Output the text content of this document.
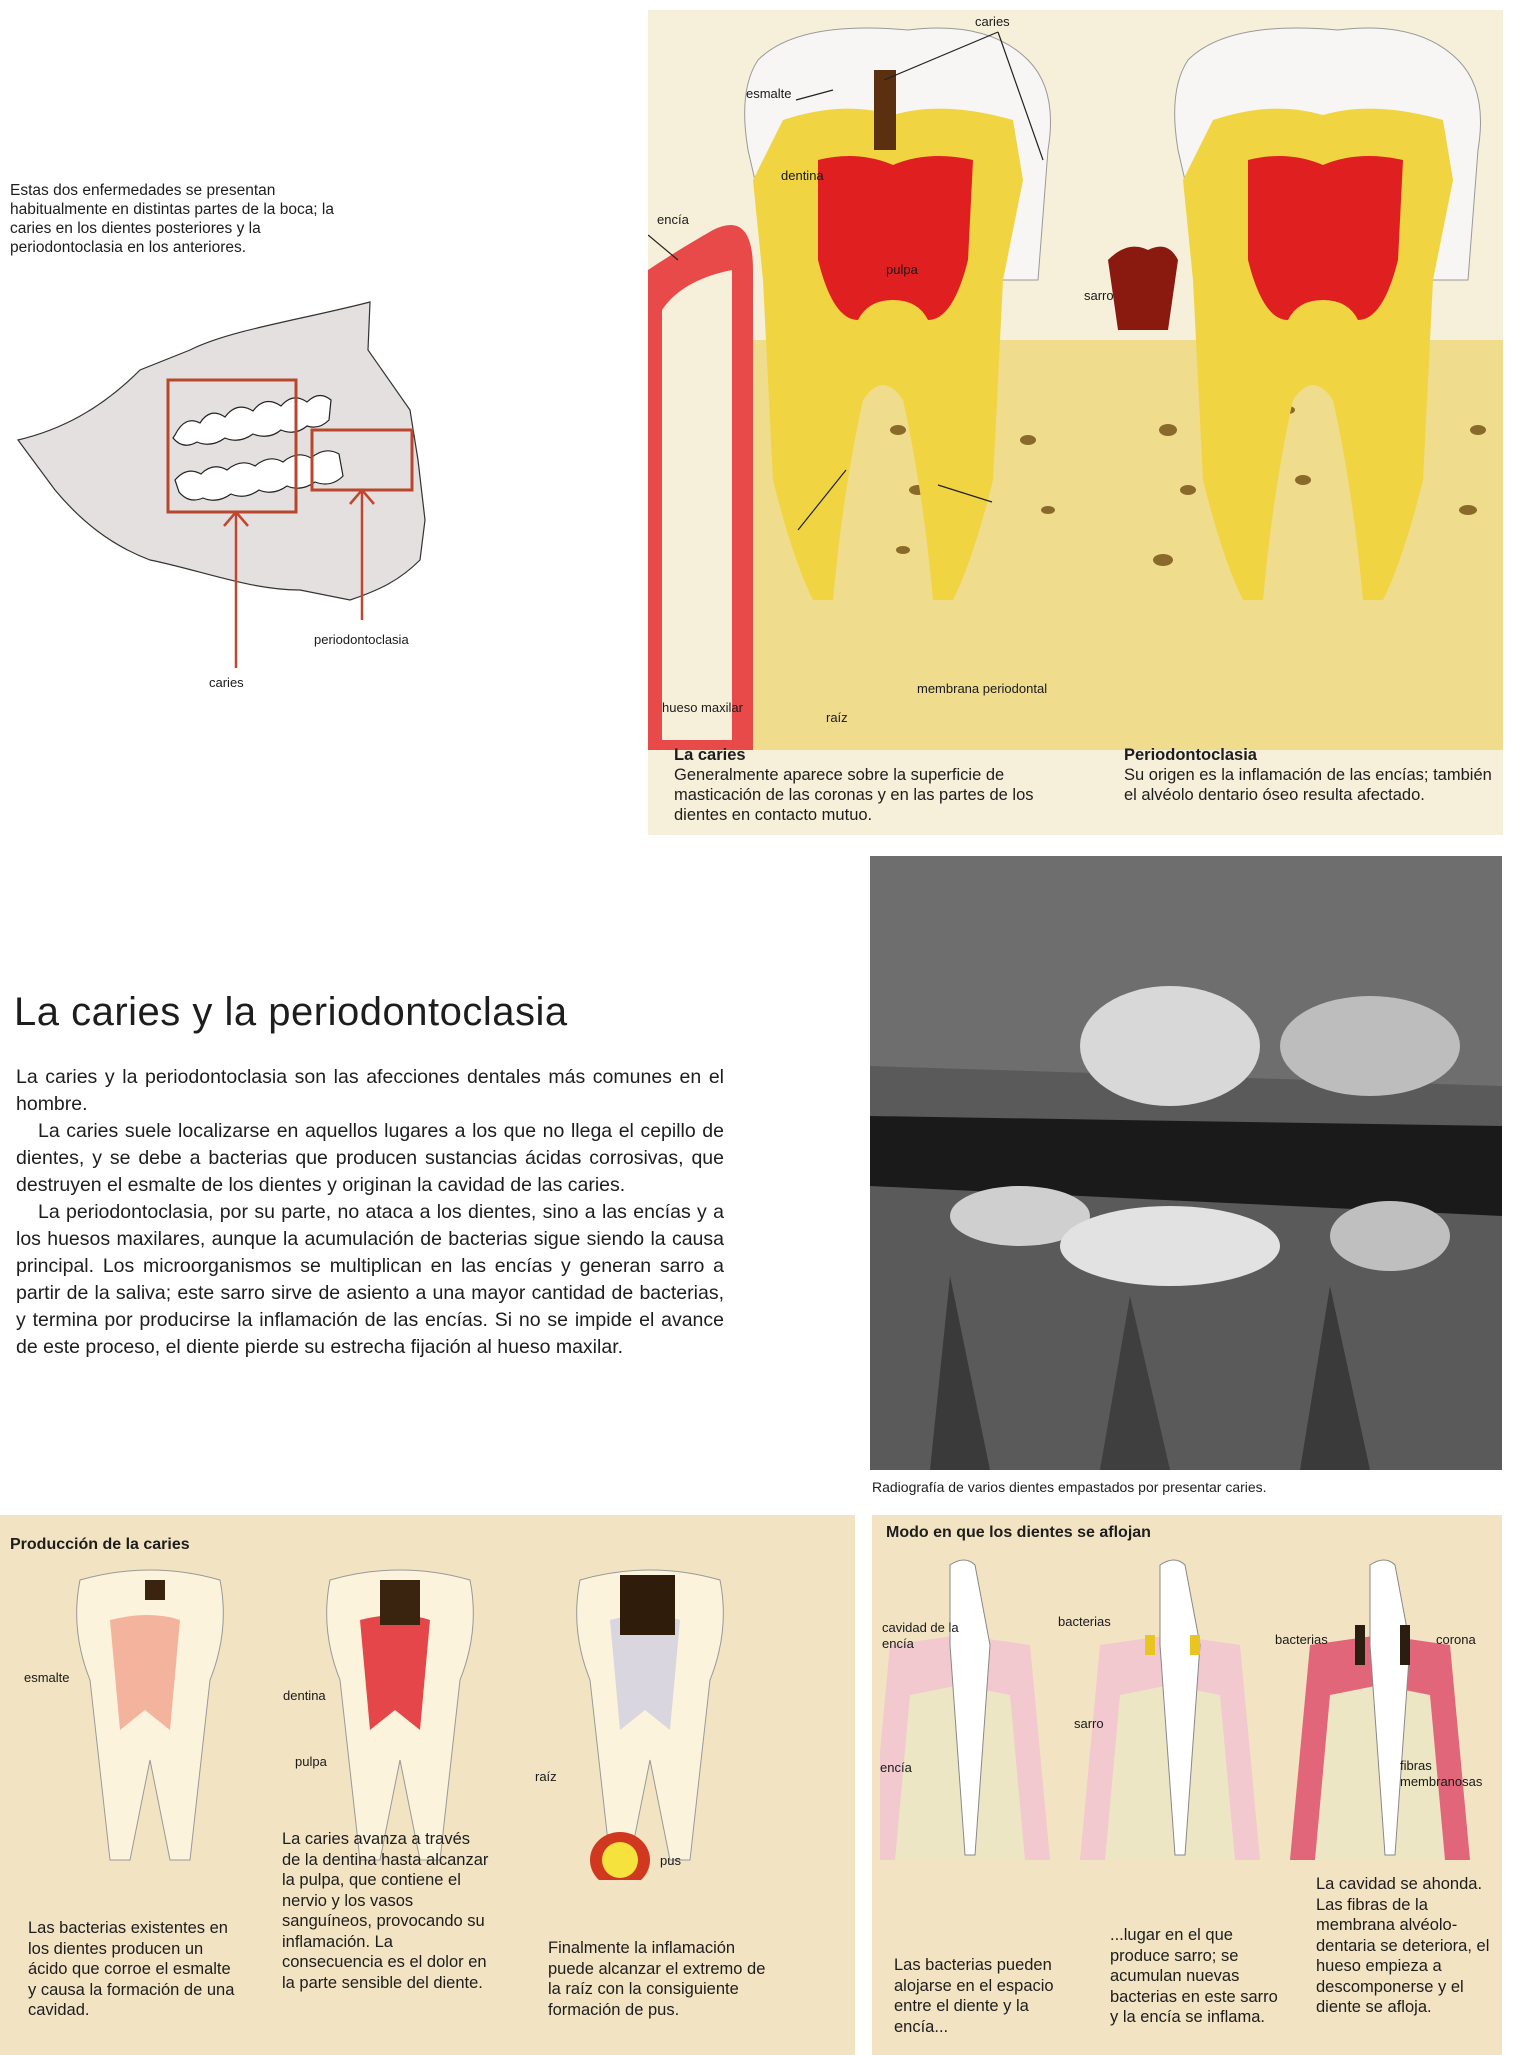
Estas dos enfermedades se presentan habitualmente en distintas partes de la boca; la caries en los dientes posteriores y la periodontoclasia en los anteriores.
caries
periodontoclasia
caries
esmalte
dentina
encía
pulpa
sarro
hueso maxilar
raíz
membrana periodontal
La caries
Generalmente aparece sobre la superficie de masticación de las coronas y en las partes de los dientes en contacto mutuo.
Periodontoclasia
Su origen es la inflamación de las encías; también el alvéolo dentario óseo resulta afectado.
La caries y la periodontoclasia

La caries y la periodontoclasia son las afecciones dentales más comunes en el hombre.

La caries suele localizarse en aquellos lugares a los que no llega el cepillo de dientes, y se debe a bacterias que producen sustancias ácidas corrosivas, que destruyen el esmalte de los dientes y originan la cavidad de las caries.

La periodontoclasia, por su parte, no ataca a los dientes, sino a las encías y a los huesos maxilares, aunque la acumulación de bacterias sigue siendo la causa principal. Los microorganismos se multiplican en las encías y generan sarro a partir de la saliva; este sarro sirve de asiento a una mayor cantidad de bacterias, y termina por producirse la inflamación de las encías. Si no se impide el avance de este proceso, el diente pierde su estrecha fijación al hueso maxilar.

Radiografía de varios dientes empastados por presentar caries.
Producción de la caries
esmalte
dentina
pulpa
raíz
pus
Las bacterias existentes en los dientes producen un ácido que corroe el esmalte y causa la formación de una cavidad.
La caries avanza a través de la dentina hasta alcanzar la pulpa, que contiene el nervio y los vasos sanguíneos, provocando su inflamación. La consecuencia es el dolor en la parte sensible del diente.
Finalmente la inflamación puede alcanzar el extremo de la raíz con la consiguiente formación de pus.
Modo en que los dientes se aflojan
cavidad de la encía
bacterias
sarro
encía
bacterias	corona
fibras membranosas
Las bacterias pueden alojarse en el espacio entre el diente y la encía...
...lugar en el que produce sarro; se acumulan nuevas bacterias en este sarro y la encía se inflama.
La cavidad se ahonda. Las fibras de la membrana alvéolo-dentaria se deteriora, el hueso empieza a descomponerse y el diente se afloja.
